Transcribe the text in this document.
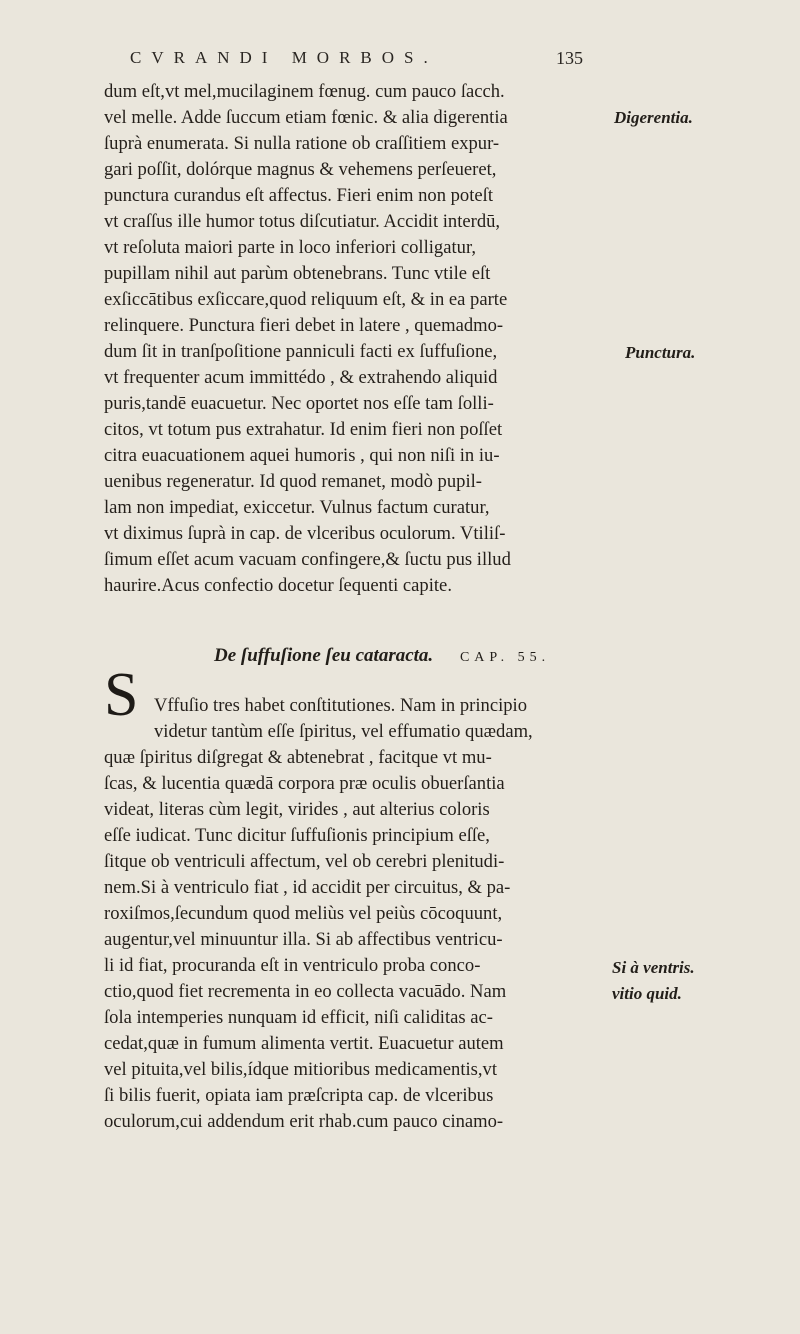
CVRANDI MORBOS.	135
dum eſt,vt mel,mucilaginem fœnug. cum pauco ſacch.
vel melle. Adde ſuccum etiam fœnic. & alia digerentia
ſuprà enumerata. Si nulla ratione ob craſſitiem expur-
gari poſſit, dolórque magnus & vehemens perſeueret,
punctura curandus eſt affectus. Fieri enim non poteſt
vt craſſus ille humor totus diſcutiatur. Accidit interdū,
vt reſoluta maiori parte in loco inferiori colligatur,
pupillam nihil aut parùm obtenebrans. Tunc vtile eſt
exſiccātibus exſiccare,quod reliquum eſt, & in ea parte
relinquere. Punctura fieri debet in latere , quemadmo-
dum ſit in tranſpoſitione panniculi facti ex ſuffuſione,
vt frequenter acum immittédo , & extrahendo aliquid
puris,tandē euacuetur. Nec oportet nos eſſe tam ſolli-
citos, vt totum pus extrahatur. Id enim fieri non poſſet
citra euacuationem aquei humoris , qui non niſi in iu-
uenibus regeneratur. Id quod remanet, modò pupil-
lam non impediat, exiccetur. Vulnus factum curatur,
vt diximus ſuprà in cap. de vlceribus oculorum. Vtiliſ-
ſimum eſſet acum vacuam confingere,& ſuctu pus illud
haurire.Acus confectio docetur ſequenti capite.
De ſuffuſione ſeu cataracta. CAP. 55.
S Vffuſio tres habet conſtitutiones. Nam in principio
videtur tantùm eſſe ſpiritus, vel effumatio quædam,
quæ ſpiritus diſgregat & abtenebrat , facitque vt mu-
ſcas, & lucentia quædā corpora præ oculis obuerſantia
videat, literas cùm legit, virides , aut alterius coloris
eſſe iudicat. Tunc dicitur ſuffuſionis principium eſſe,
ſitque ob ventriculi affectum, vel ob cerebri plenitudi-
nem.Si à ventriculo fiat , id accidit per circuitus, & pa-
roxiſmos,ſecundum quod meliùs vel peiùs cōcoquunt,
augentur,vel minuuntur illa. Si ab affectibus ventricu-
li id fiat, procuranda eſt in ventriculo proba conco-
ctio,quod fiet recrementa in eo collecta vacuādo. Nam
ſola intemperies nunquam id efficit, niſi caliditas ac-
cedat,quæ in fumum alimenta vertit. Euacuetur autem
vel pituita,vel bilis,ídque mitioribus medicamentis,vt
ſi bilis fuerit, opiata iam præſcripta cap. de vlceribus
oculorum,cui addendum erit rhab.cum pauco cinamo-
Digerentia.
Punctura.
Si à ventris.
vitio quid.
